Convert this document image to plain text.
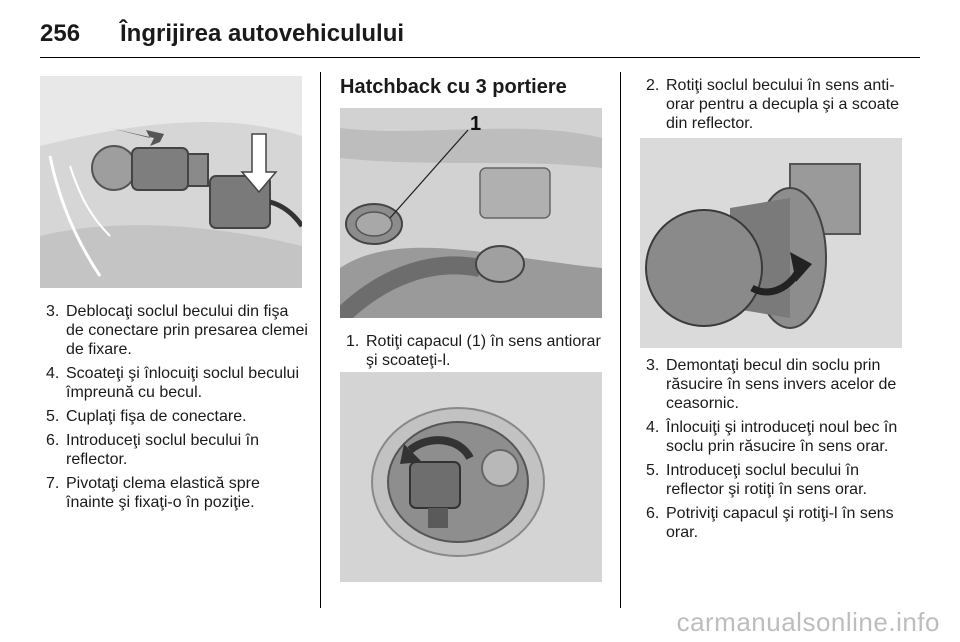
256 Îngrijirea autovehiculului
3. Deblocaţi soclul becului din fişa de conectare prin presarea clemei de fixare.
4. Scoateţi şi înlocuiţi soclul becului împreună cu becul.
5. Cuplaţi fişa de conectare.
6. Introduceţi soclul becului în reflector.
7. Pivotaţi clema elastică spre înainte şi fixaţi-o în poziţie.
Hatchback cu 3 portiere
1
1. Rotiţi capacul (1) în sens antiorar şi scoateţi-l.
2. Rotiţi soclul becului în sens anti-orar pentru a decupla şi a scoate din reflector.
3. Demontaţi becul din soclu prin răsucire în sens invers acelor de ceasornic.
4. Înlocuiţi şi introduceţi noul bec în soclu prin răsucire în sens orar.
5. Introduceţi soclul becului în reflector şi rotiţi în sens orar.
6. Potriviţi capacul şi rotiţi-l în sens orar.
carmanualsonline.info
